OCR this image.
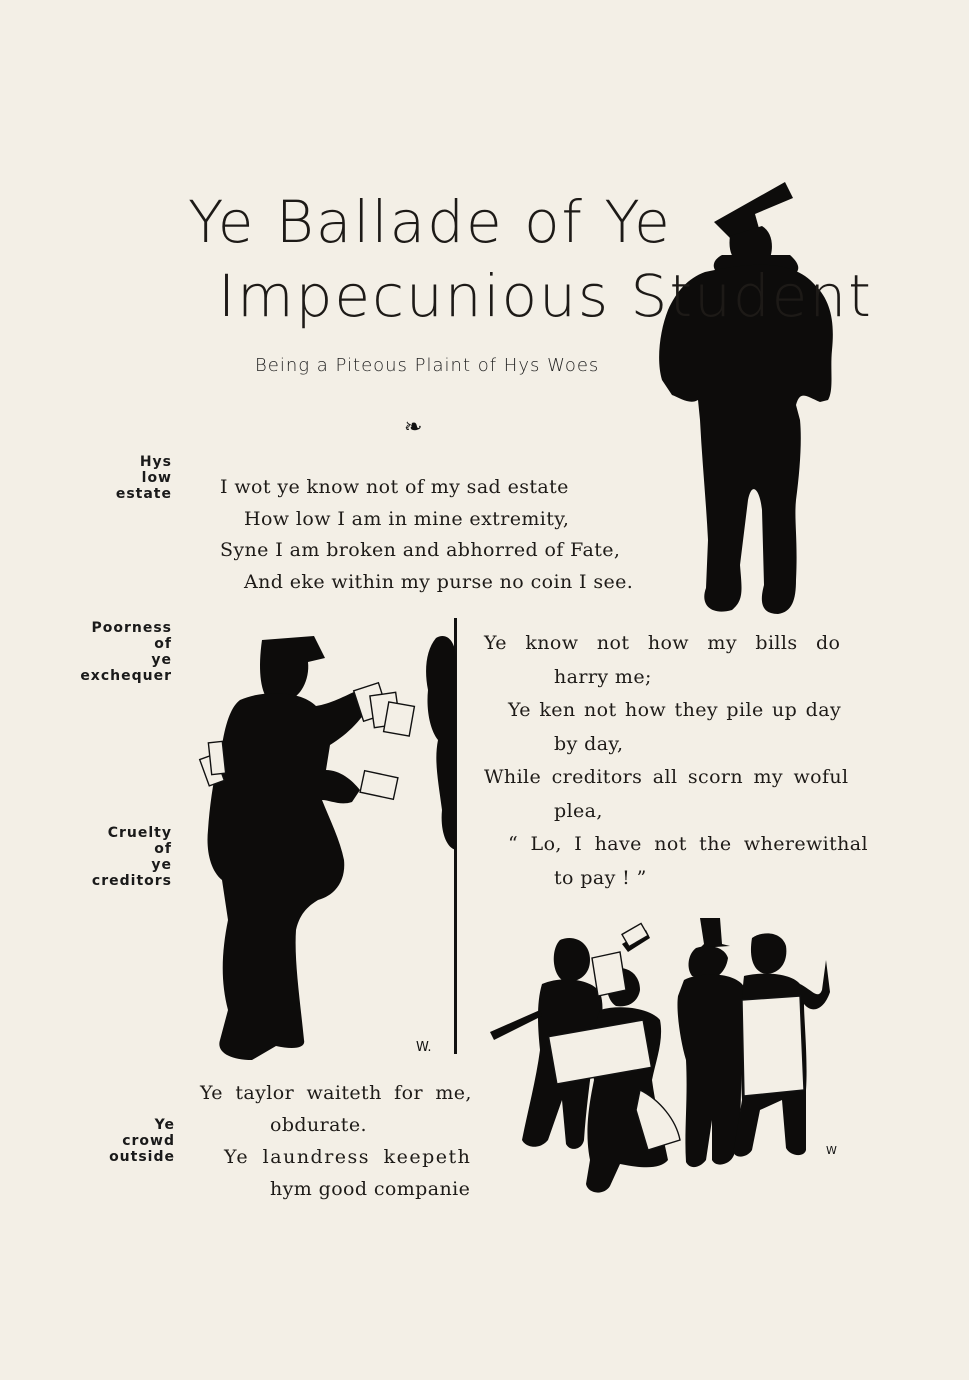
Ye Ballade of Ye
Impecunious Student
Being a Piteous Plaint of Hys Woes
❧
Hys
low
estate
Poorness
of
ye
exchequer
Cruelty
of
ye
creditors
Ye
crowd
outside
I wot ye know not of my sad estate
How low I am in mine extremity,
Syne I am broken and abhorred of Fate,
And eke within my purse no coin I see.
Ye know not how my bills do
harry me;
Ye ken not how they pile up day
by day,
While creditors all scorn my woful
plea,
“ Lo, I have not the wherewithal
to pay ! ”
Ye taylor waiteth for me,
obdurate.
Ye laundress keepeth
hym good companie
W.
W
